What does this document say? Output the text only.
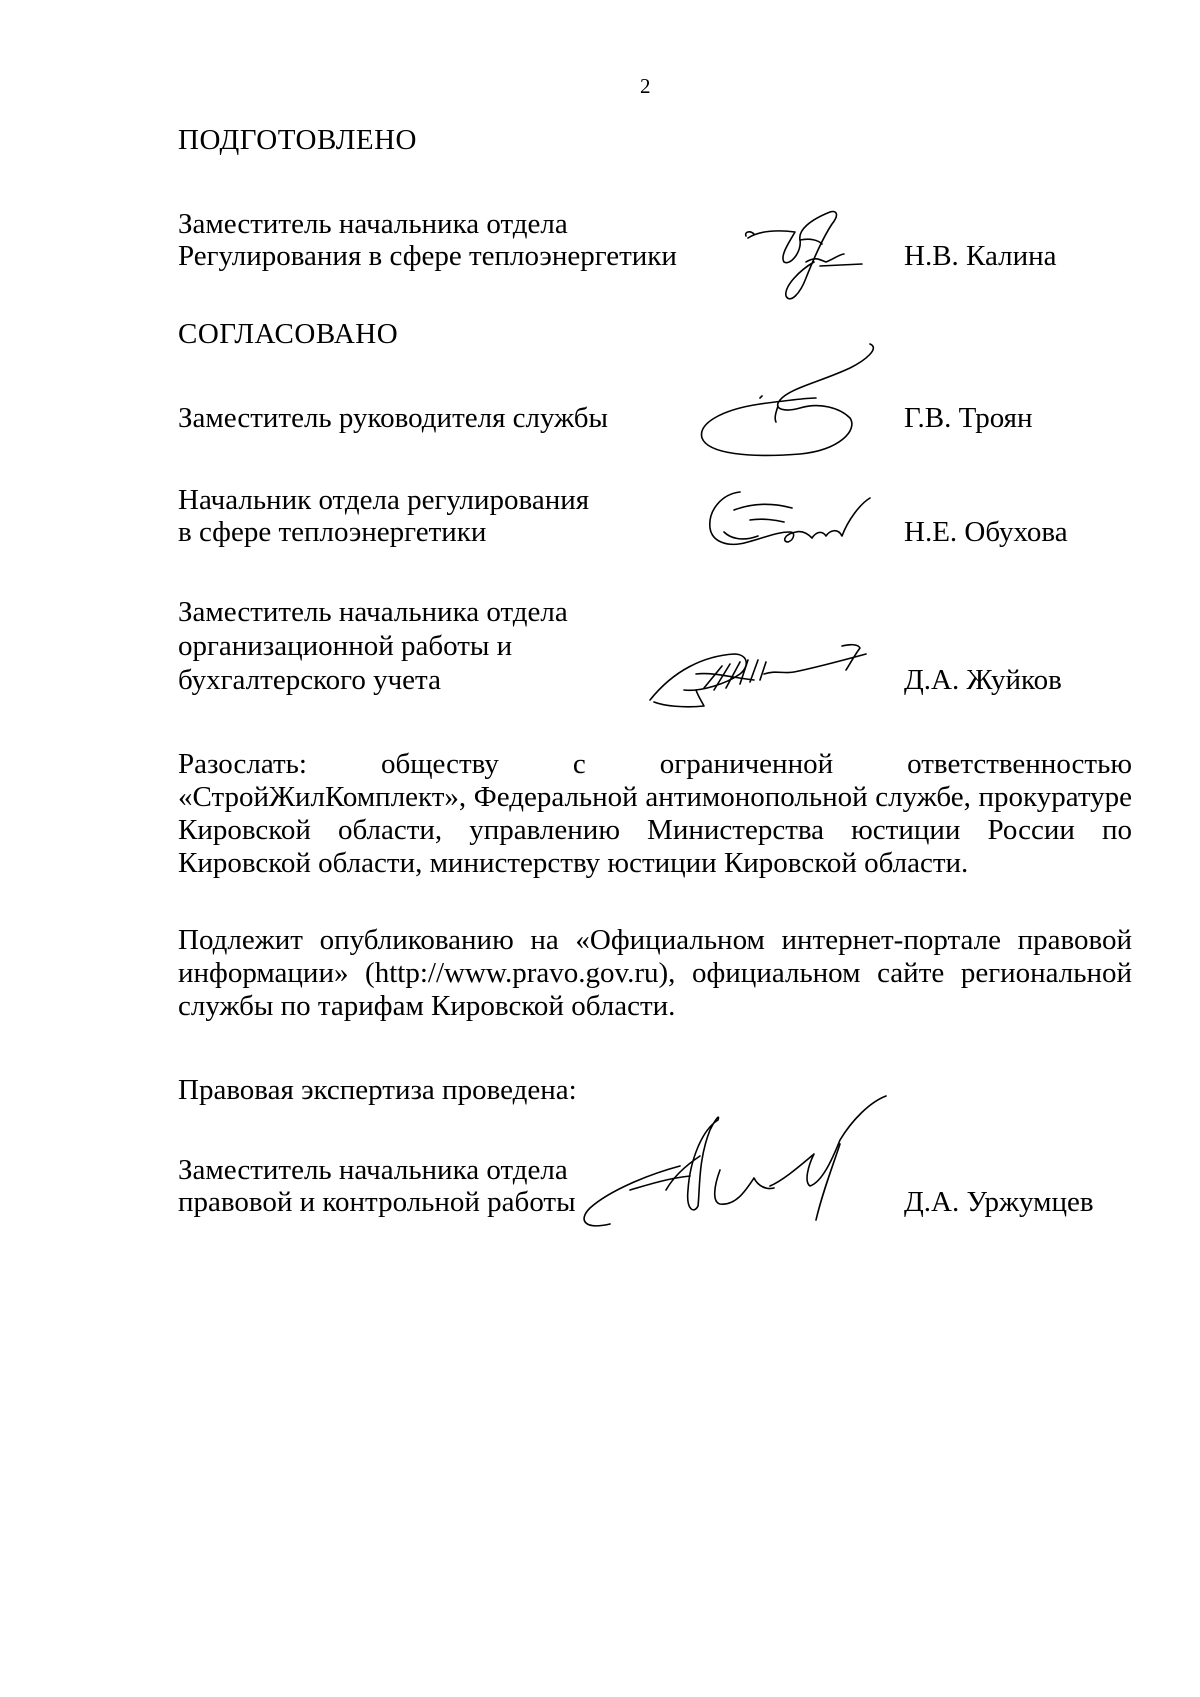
2
ПОДГОТОВЛЕНО
Заместитель начальника отдела
Регулирования в сфере теплоэнергетики	Н.В. Калина
СОГЛАСОВАНО
Заместитель руководителя службы	Г.В. Троян
Начальник отдела регулирования
в сфере теплоэнергетики	Н.Е. Обухова
Заместитель начальника отдела
организационной работы и
бухгалтерского учета	Д.А. Жуйков
Разослать: обществу с ограниченной ответственностью
«СтройЖилКомплект», Федеральной антимонопольной службе, прокуратуре
Кировской области, управлению Министерства юстиции России по
Кировской области, министерству юстиции Кировской области.
Подлежит опубликованию на «Официальном интернет-портале правовой
информации» (http://www.pravo.gov.ru), официальном сайте региональной
службы по тарифам Кировской области.
Правовая экспертиза проведена:
Заместитель начальника отдела
правовой и контрольной работы	Д.А. Уржумцев
